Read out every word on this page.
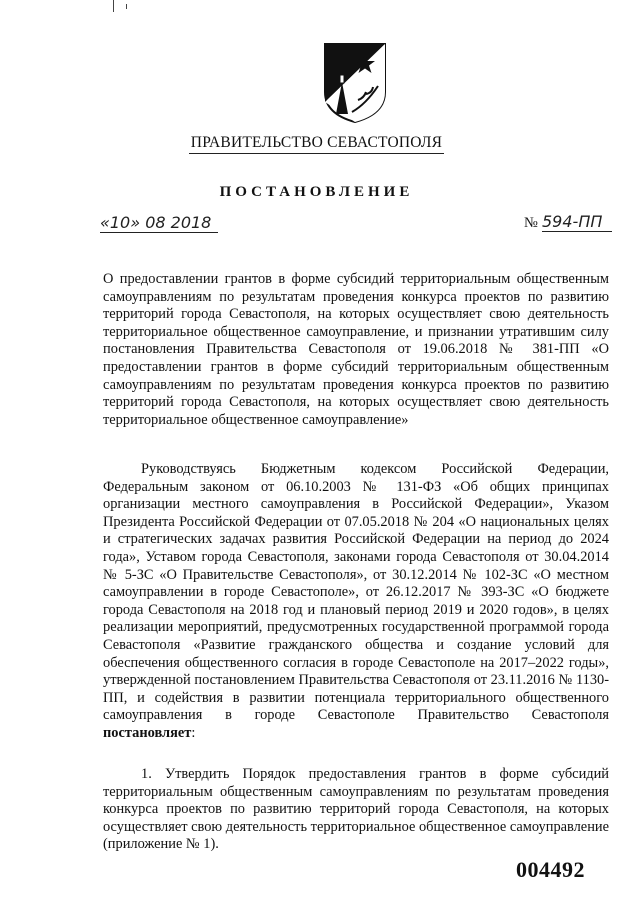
ПРАВИТЕЛЬСТВО СЕВАСТОПОЛЯ
ПОСТАНОВЛЕНИЕ
«10» 08 2018	№ 594-ПП
О предоставлении грантов в форме субсидий территориальным общественным самоуправлениям по результатам проведения конкурса проектов по развитию территорий города Севастополя, на которых осуществляет свою деятельность территориальное общественное самоуправление, и признании утратившим силу постановления Правительства Севастополя от 19.06.2018 № 381-ПП «О предоставлении грантов в форме субсидий территориальным общественным самоуправлениям по результатам проведения конкурса проектов по развитию территорий города Севастополя, на которых осуществляет свою деятельность территориальное общественное самоуправление»
Руководствуясь Бюджетным кодексом Российской Федерации, Федеральным законом от 06.10.2003 № 131-ФЗ «Об общих принципах организации местного самоуправления в Российской Федерации», Указом Президента Российской Федерации от 07.05.2018 № 204 «О национальных целях и стратегических задачах развития Российской Федерации на период до 2024 года», Уставом города Севастополя, законами города Севастополя от 30.04.2014 № 5-ЗС «О Правительстве Севастополя», от 30.12.2014 № 102-ЗС «О местном самоуправлении в городе Севастополе», от 26.12.2017 № 393-ЗС «О бюджете города Севастополя на 2018 год и плановый период 2019 и 2020 годов», в целях реализации мероприятий, предусмотренных государственной программой города Севастополя «Развитие гражданского общества и создание условий для обеспечения общественного согласия в городе Севастополе на 2017–2022 годы», утвержденной постановлением Правительства Севастополя от 23.11.2016 № 1130-ПП, и содействия в развитии потенциала территориального общественного самоуправления в городе Севастополе Правительство Севастополя постановляет:
1. Утвердить Порядок предоставления грантов в форме субсидий территориальным общественным самоуправлениям по результатам проведения конкурса проектов по развитию территорий города Севастополя, на которых осуществляет свою деятельность территориальное общественное самоуправление (приложение № 1).
004492
